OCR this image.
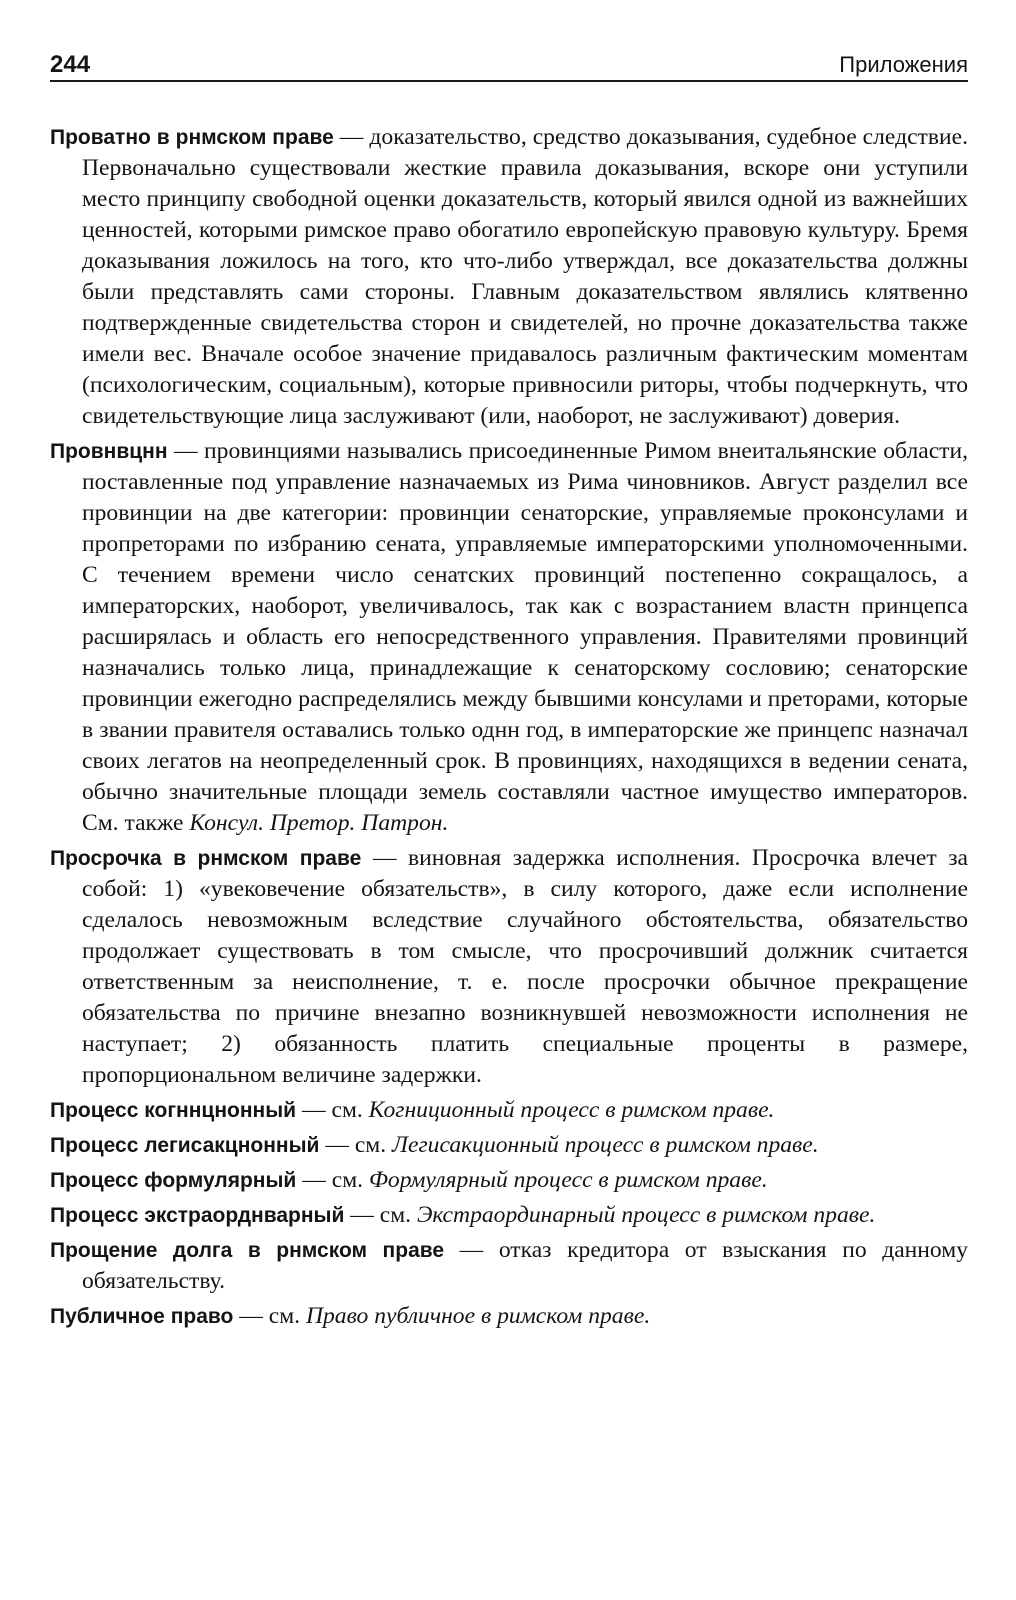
244	Приложения

Проватно в рнмском праве — доказательство, средство доказывания, судебное следствие. Первоначально существовали жесткие правила доказывания, вскоре они уступили место принципу свободной оценки доказательств, который явился одной из важнейших ценностей, которыми римское право обогатило европейскую правовую культуру. Бремя доказывания ложилось на того, кто что-либо утверждал, все доказательства должны были представлять сами стороны. Главным доказательством являлись клятвенно подтвержденные свидетельства сторон и свидетелей, но прочне доказательства также имели вес. Вначале особое значение придавалось различным фактическим моментам (психологическим, социальным), которые привносили риторы, чтобы подчеркнуть, что свидетельствующие лица заслуживают (или, наоборот, не заслуживают) доверия.

Провнвцнн — провинциями назывались присоединенные Римом внеитальянские области, поставленные под управление назначаемых из Рима чиновников. Август разделил все провинции на две категории: провинции сенаторские, управляемые проконсулами и пропреторами по избранию сената, управляемые императорскими уполномоченными. С течением времени число сенатских провинций постепенно сокращалось, а императорских, наоборот, увеличивалось, так как с возрастанием властн принцепса расширялась и область его непосредственного управления. Правителями провинций назначались только лица, принадлежащие к сенаторскому сословию; сенаторские провинции ежегодно распределялись между бывшими консулами и преторами, которые в звании правителя оставались только однн год, в императорские же принцепс назначал своих легатов на неопределенный срок. В провинциях, находящихся в ведении сената, обычно значительные площади земель составляли частное имущество императоров. См. также Консул. Претор. Патрон.

Просрочка в рнмском праве — виновная задержка исполнения. Просрочка влечет за собой: 1) «увековечение обязательств», в силу которого, даже если исполнение сделалось невозможным вследствие случайного обстоятельства, обязательство продолжает существовать в том смысле, что просрочивший должник считается ответственным за неисполнение, т. е. после просрочки обычное прекращение обязательства по причине внезапно возникнувшей невозможности исполнения не наступает; 2) обязанность платить специальные проценты в размере, пропорциональном величине задержки.

Процесс когннцнонный — см. Когниционный процесс в римском праве.

Процесс легисакцнонный — см. Легисакционный процесс в римском праве.

Процесс формулярный — см. Формулярный процесс в римском праве.

Процесс экстраорднварный — см. Экстраординарный процесс в римском праве.

Прощение долга в рнмском праве — отказ кредитора от взыскания по данному обязательству.

Публичное право — см. Право публичное в римском праве.
